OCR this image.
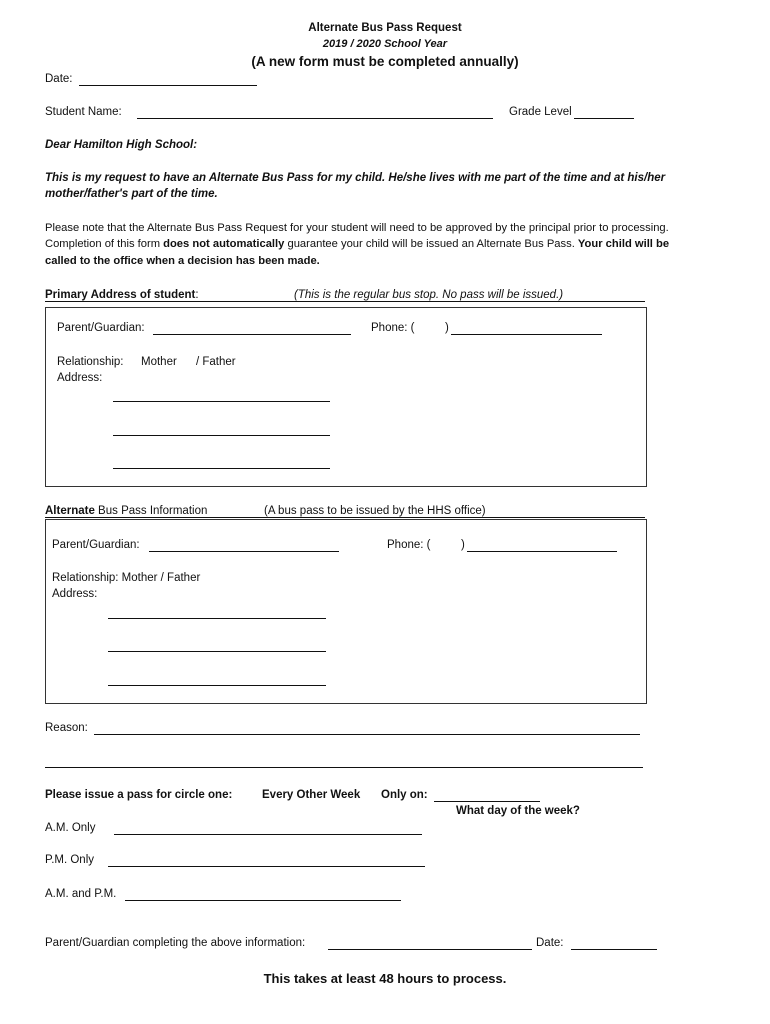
Alternate Bus Pass Request
2019 / 2020 School Year
(A new form must be completed annually)
Date:
Student Name:	Grade Level
Dear Hamilton High School:
This is my request to have an Alternate Bus Pass for my child. He/she lives with me part of the time and at his/her
mother/father's part of the time.
Please note that the Alternate Bus Pass Request for your student will need to be approved by the principal prior to processing.
Completion of this form does not automatically guarantee your child will be issued an Alternate Bus Pass. Your child will be
called to the office when a decision has been made.
Primary Address of student:	(This is the regular bus stop. No pass will be issued.)
Parent/Guardian:	Phone: (	)
Relationship: Mother / Father
Address:
Alternate Bus Pass Information	(A bus pass to be issued by the HHS office)
Parent/Guardian:	Phone: (	)
Relationship: Mother / Father
Address:
Reason:
Please issue a pass for circle one:	Every Other Week Only on:
What day of the week?
A.M. Only
P.M. Only
A.M. and P.M.
Parent/Guardian completing the above information:	Date:
This takes at least 48 hours to process.
